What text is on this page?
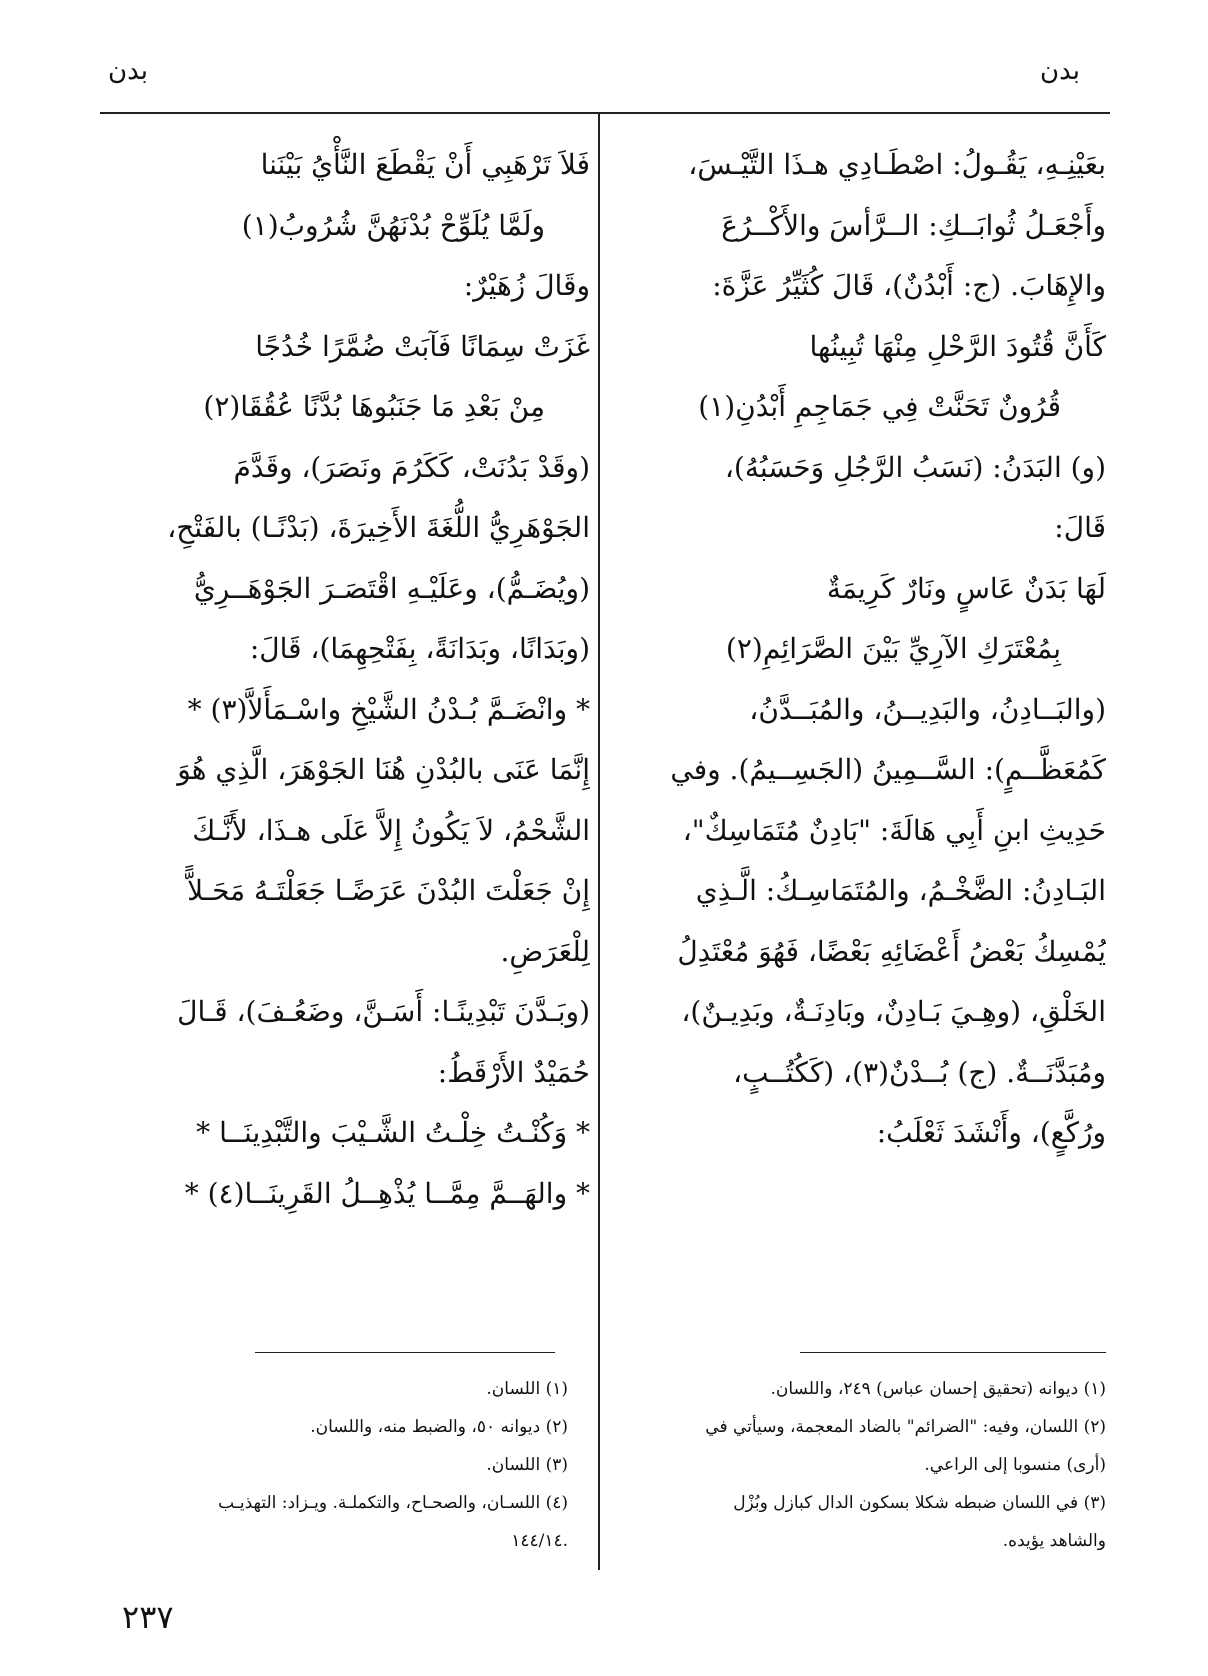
بدن
بدن
بعَيْنِـهِ، يَقُـولُ: اصْطَـادِي هـذَا التَّيْـسَ،
وأَجْعَـلُ ثُوابَــكِ: الــرَّأسَ والأَكْــرُعَ
والإِهَابَ. (ج: أَبْدُنٌ)، قَالَ كُثَيِّرُ عَزَّةَ:
كَأَنَّ قُتُودَ الرَّحْلِ مِنْهَا تُبِينُها
قُرُونٌ تَحَنَّتْ فِي جَمَاجِمِ أَبْدُنِ(١)
(و) البَدَنُ: (نَسَبُ الرَّجُلِ وَحَسَبُهُ)،
قَالَ:
لَهَا بَدَنٌ عَاسٍ ونَارٌ كَرِيمَةٌ
بِمُعْتَرَكِ الآرِيِّ بَيْنَ الصَّرَائِمِ(٢)
(والبَــادِنُ، والبَدِيــنُ، والمُبَــدَّنُ،
كَمُعَظَّــمٍ): السَّــمِينُ (الجَسِــيمُ). وفي
حَدِيثِ ابنِ أَبِي هَالَةَ: "بَادِنٌ مُتَمَاسِكٌ"،
البَـادِنُ: الضَّخْـمُ، والمُتَمَاسِـكُ: الَّـذِي
يُمْسِكُ بَعْضُ أَعْضَائِهِ بَعْضًا، فَهُوَ مُعْتَدِلُ
الخَلْقِ، (وهِـيَ بَـادِنٌ، وبَادِنَـةٌ، وبَدِيـنٌ)،
ومُبَدَّنَــةٌ. (ج) بُــدْنٌ(٣)، (كَكُتُــبٍ،
ورُكَّعٍ)، وأَنْشَدَ ثَعْلَبُ:
فَلاَ تَرْهَبِي أَنْ يَقْطَعَ النَّأْيُ بَيْنَنا
ولَمَّا يُلَوِّحْ بُدْنَهُنَّ شُرُوبُ(١)
وقَالَ زُهَيْرٌ:
غَزَتْ سِمَانًا فَآبَتْ ضُمَّرًا خُدُجًا
مِنْ بَعْدِ مَا جَنَبُوهَا بُدَّنًا عُقُقَا(٢)
(وقَدْ بَدُنَتْ، كَكَرُمَ ونَصَرَ)، وقَدَّمَ
الجَوْهَرِيُّ اللُّغَةَ الأَخِيرَةَ، (بَدْنًـا) بالفَتْحِ،
(ويُضَـمُّ)، وعَلَيْـهِ اقْتَصَـرَ الجَوْهَــرِيُّ
(وبَدَانًا، وبَدَانَةً، بِفَتْحِهِمَا)، قَالَ:
* وانْضَـمَّ بُـدْنُ الشَّيْخِ واسْـمَأَلاَّ(٣) *
إِنَّمَا عَنَى بالبُدْنِ هُنَا الجَوْهَرَ، الَّذِي هُوَ
الشَّحْمُ، لاَ يَكُونُ إِلاَّ عَلَى هـذَا، لأَنَّـكَ
إِنْ جَعَلْتَ البُدْنَ عَرَضًـا جَعَلْتَـهُ مَحَـلاًّ
لِلْعَرَضِ.
(وبَـدَّنَ تَبْدِينًـا: أَسَـنَّ، وضَعُـفَ)، قَـالَ
حُمَيْدٌ الأَرْقَطُ:
* وَكُنْـتُ خِلْـتُ الشَّـيْبَ والتَّبْدِينَــا *
* والهَــمَّ مِمَّــا يُذْهِــلُ القَرِينَــا(٤) *
(١) ديوانه (تحقيق إحسان عباس) ٢٤٩، واللسان.
(٢) اللسان، وفيه: "الضرائم" بالضاد المعجمة، وسيأتي في
(أرى) منسوبا إلى الراعي.
(٣) في اللسان ضبطه شكلا بسكون الدال كبازل وبُزْل
والشاهد يؤيده.
(١) اللسان.
(٢) ديوانه ٥٠، والضبط منه، واللسان.
(٣) اللسان.
(٤) اللسـان، والصحـاح، والتكملـة. ويـزاد: التهذيـب
.١٤٤/١٤
٢٣٧
